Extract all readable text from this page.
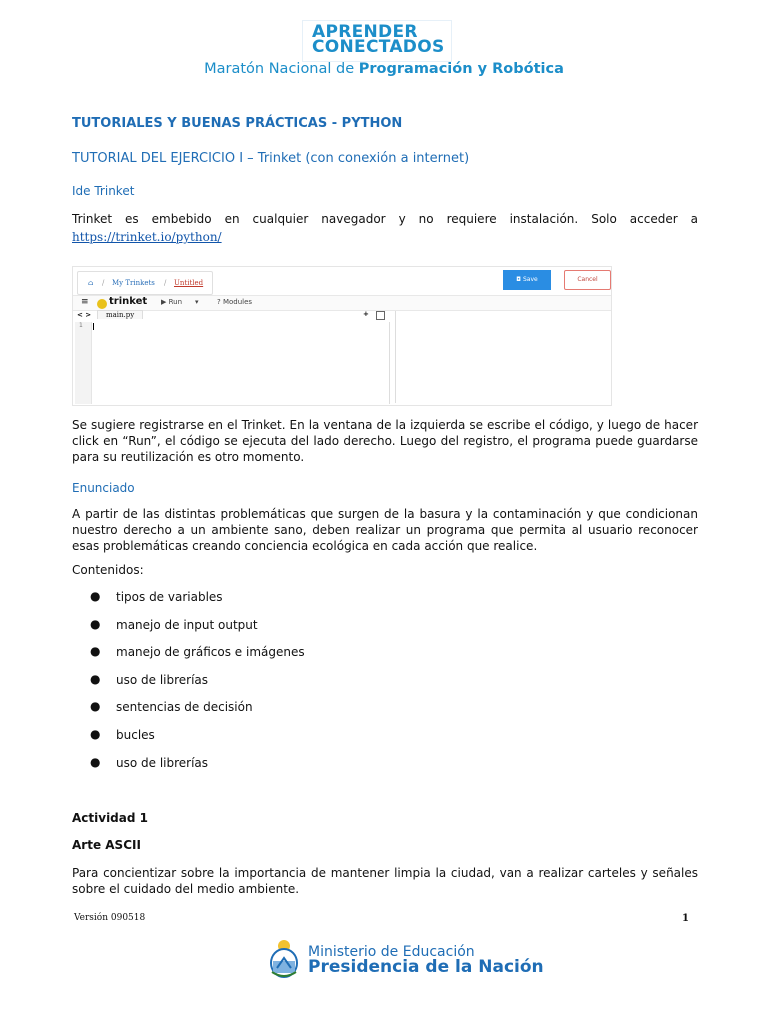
APRENDER
CONECTADOS
Maratón Nacional de Programación y Robótica
TUTORIALES Y BUENAS PRÁCTICAS - PYTHON
TUTORIAL DEL EJERCICIO I – Trinket (con conexión a internet)
Ide Trinket
Trinket es embebido en cualquier navegador y no requiere instalación. Solo acceder a
https://trinket.io/python/
⌂ / My Trinkets / Untitled	◘ Save	Cancel
≡ trinket ▶ Run ▾	? Modules
< >	main.py	+
1
Se sugiere registrarse en el Trinket. En la ventana de la izquierda se escribe el código, y luego de hacer click en “Run”, el código se ejecuta del lado derecho. Luego del registro, el programa puede guardarse para su reutilización es otro momento.
Enunciado
A partir de las distintas problemáticas que surgen de la basura y la contaminación y que condicionan nuestro derecho a un ambiente sano, deben realizar un programa que permita al usuario reconocer esas problemáticas creando conciencia ecológica en cada acción que realice.
Contenidos:
● tipos de variables
● manejo de input output
● manejo de gráficos e imágenes
● uso de librerías
● sentencias de decisión
● bucles
● uso de librerías
Actividad 1
Arte ASCII
Para concientizar sobre la importancia de mantener limpia la ciudad, van a realizar carteles y señales sobre el cuidado del medio ambiente.
Versión 090518	1
Ministerio de Educación
Presidencia de la Nación
